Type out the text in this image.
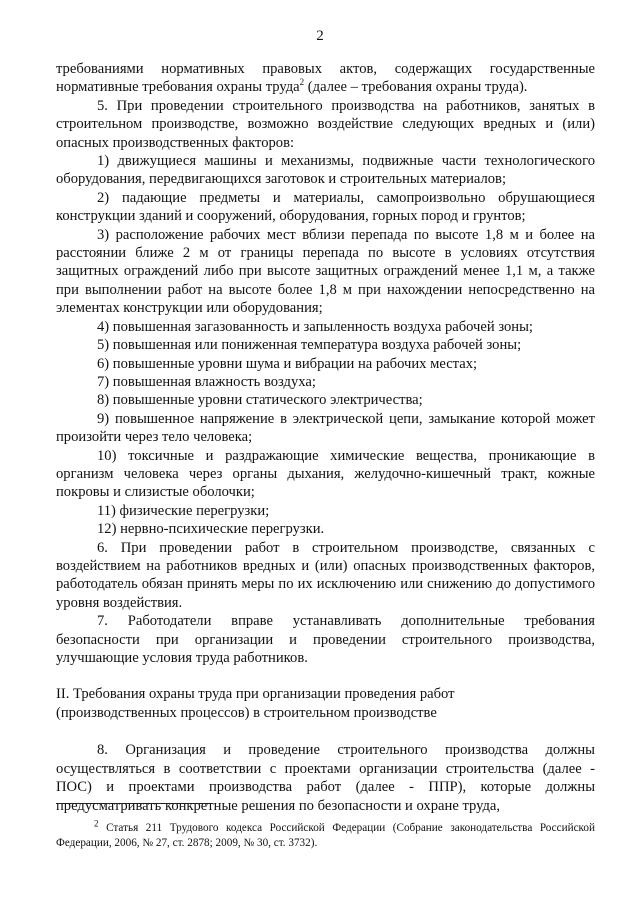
2

требованиями нормативных правовых актов, содержащих государственные нормативные требования охраны труда$^2$ (далее – требования охраны труда).

5. При проведении строительного производства на работников, занятых в строительном производстве, возможно воздействие следующих вредных и (или) опасных производственных факторов:

1) движущиеся машины и механизмы, подвижные части технологического оборудования, передвигающихся заготовок и строительных материалов;

2) падающие предметы и материалы, самопроизвольно обрушающиеся конструкции зданий и сооружений, оборудования, горных пород и грунтов;

3) расположение рабочих мест вблизи перепада по высоте 1,8 м и более на расстоянии ближе 2 м от границы перепада по высоте в условиях отсутствия защитных ограждений либо при высоте защитных ограждений менее 1,1 м, а также при выполнении работ на высоте более 1,8 м при нахождении непосредственно на элементах конструкции или оборудования;

4) повышенная загазованность и запыленность воздуха рабочей зоны;

5) повышенная или пониженная температура воздуха рабочей зоны;

6) повышенные уровни шума и вибрации на рабочих местах;

7) повышенная влажность воздуха;

8) повышенные уровни статического электричества;

9) повышенное напряжение в электрической цепи, замыкание которой может произойти через тело человека;

10) токсичные и раздражающие химические вещества, проникающие в организм человека через органы дыхания, желудочно-кишечный тракт, кожные покровы и слизистые оболочки;

11) физические перегрузки;

12) нервно-психические перегрузки.

6. При проведении работ в строительном производстве, связанных с воздействием на работников вредных и (или) опасных производственных факторов, работодатель обязан принять меры по их исключению или снижению до допустимого уровня воздействия.

7. Работодатели вправе устанавливать дополнительные требования безопасности при организации и проведении строительного производства, улучшающие условия труда работников.

II. Требования охраны труда при организации проведения работ
(производственных процессов) в строительном производстве

8. Организация и проведение строительного производства должны осуществляться в соответствии с проектами организации строительства (далее - ПОС) и проектами производства работ (далее - ППР), которые должны предусматривать конкретные решения по безопасности и охране труда,

$^2$ Статья 211 Трудового кодекса Российской Федерации (Собрание законодательства Российской Федерации, 2006, № 27, ст. 2878; 2009, № 30, ст. 3732).
